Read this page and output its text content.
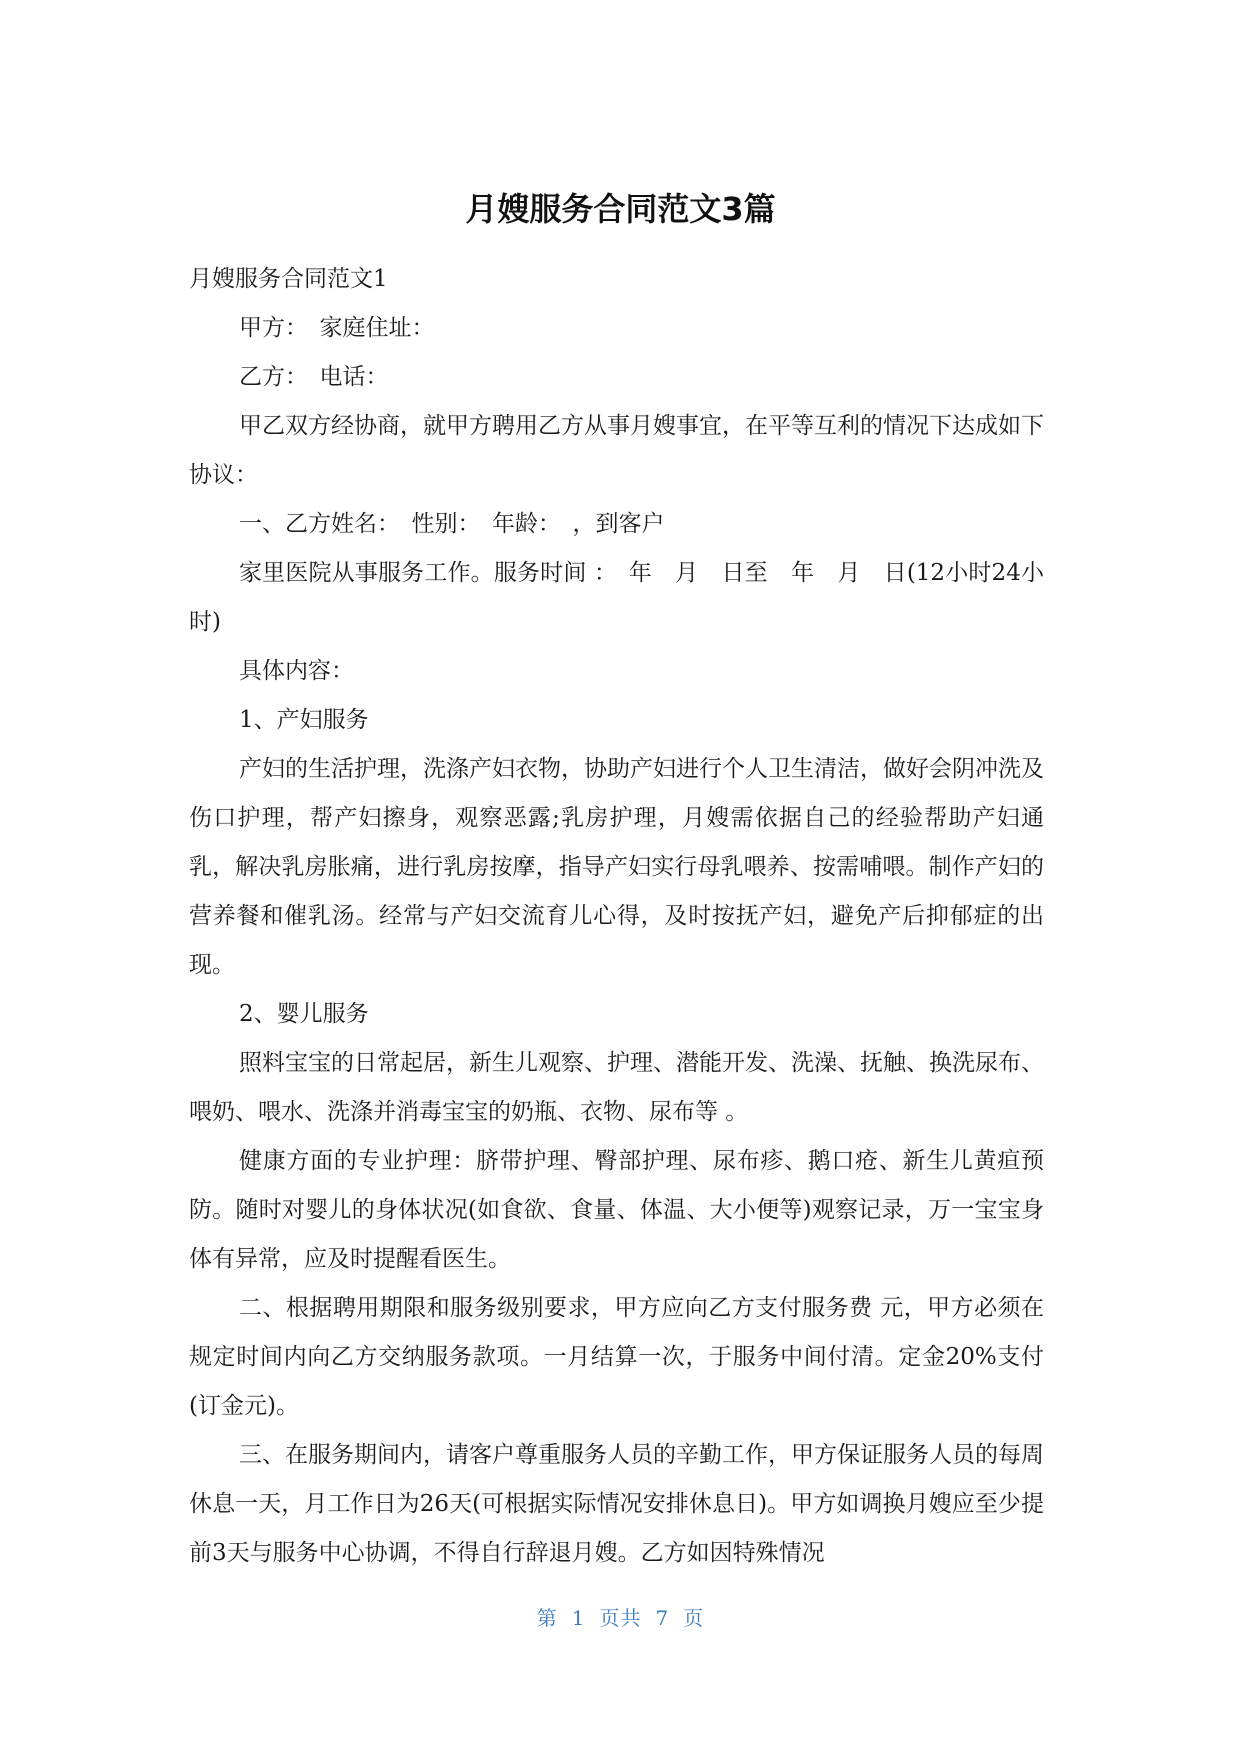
月嫂服务合同范文3篇

月嫂服务合同范文1

甲方：　家庭住址：

乙方：　电话：

甲乙双方经协商，就甲方聘用乙方从事月嫂事宜，在平等互利的情况下达成如下协议：

一、乙方姓名：　性别：　年龄：　，到客户

家里医院从事服务工作。服务时间 ：　年　月　日至　年　月　日(12小时24小时)

具体内容：

1、产妇服务

产妇的生活护理，洗涤产妇衣物，协助产妇进行个人卫生清洁，做好会阴冲洗及伤口护理，帮产妇擦身，观察恶露;乳房护理，月嫂需依据自己的经验帮助产妇通乳，解决乳房胀痛，进行乳房按摩，指导产妇实行母乳喂养、按需哺喂。制作产妇的营养餐和催乳汤。经常与产妇交流育儿心得，及时按抚产妇，避免产后抑郁症的出现。

2、婴儿服务

照料宝宝的日常起居，新生儿观察、护理、潜能开发、洗澡、抚触、换洗尿布、喂奶、喂水、洗涤并消毒宝宝的奶瓶、衣物、尿布等 。

健康方面的专业护理：脐带护理、臀部护理、尿布疹、鹅口疮、新生儿黄疸预防。随时对婴儿的身体状况(如食欲、食量、体温、大小便等)观察记录，万一宝宝身体有异常，应及时提醒看医生。

二、根据聘用期限和服务级别要求，甲方应向乙方支付服务费 元，甲方必须在规定时间内向乙方交纳服务款项。一月结算一次，于服务中间付清。定金20%支付(订金元)。

三、在服务期间内，请客户尊重服务人员的辛勤工作，甲方保证服务人员的每周休息一天，月工作日为26天(可根据实际情况安排休息日)。甲方如调换月嫂应至少提前3天与服务中心协调，不得自行辞退月嫂。乙方如因特殊情况

第 1 页共 7 页
